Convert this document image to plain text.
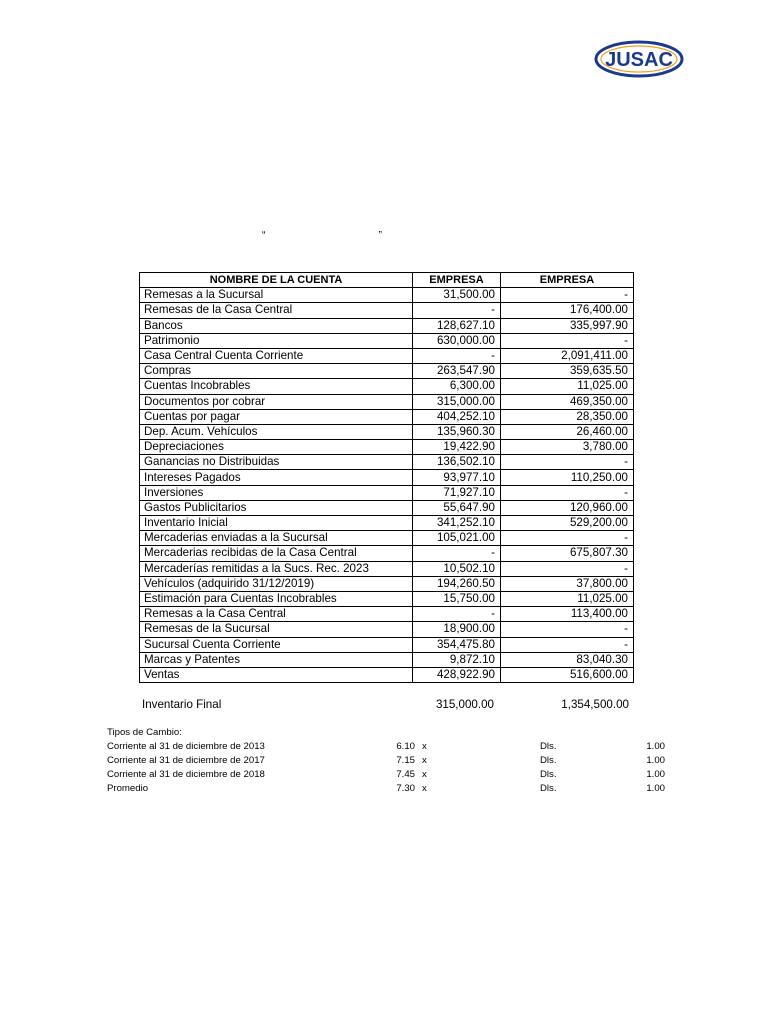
JUSAC
“	”
NOMBRE DE LA CUENTA	EMPRESA	EMPRESA
Remesas a la Sucursal	31,500.00	-
Remesas de la Casa Central	-	176,400.00
Bancos	128,627.10	335,997.90
Patrimonio	630,000.00	-
Casa Central Cuenta Corriente	-	2,091,411.00
Compras	263,547.90	359,635.50
Cuentas Incobrables	6,300.00	11,025.00
Documentos por cobrar	315,000.00	469,350.00
Cuentas por pagar	404,252.10	28,350.00
Dep. Acum. Vehículos	135,960.30	26,460.00
Depreciaciones	19,422.90	3,780.00
Ganancias no Distribuidas	136,502.10	-
Intereses Pagados	93,977.10	110,250.00
Inversiones	71,927.10	-
Gastos Publicitarios	55,647.90	120,960.00
Inventario Inicial	341,252.10	529,200.00
Mercaderias enviadas a la Sucursal	105,021.00	-
Mercaderias recibidas de la Casa Central	-	675,807.30
Mercaderías remitidas a la Sucs. Rec. 2023	10,502.10	-
Vehículos (adquirido 31/12/2019)	194,260.50	37,800.00
Estimación para Cuentas Incobrables	15,750.00	11,025.00
Remesas a la Casa Central	-	113,400.00
Remesas de la Sucursal	18,900.00	-
Sucursal Cuenta Corriente	354,475.80	-
Marcas y Patentes	9,872.10	83,040.30
Ventas	428,922.90	516,600.00
Inventario Final	315,000.00	1,354,500.00
Tipos de Cambio:
Corriente al 31 de diciembre de 2013	6.10 x	Dls.	1.00
Corriente al 31 de diciembre de 2017	7.15 x	Dls.	1.00
Corriente al 31 de diciembre de 2018	7.45 x	Dls.	1.00
Promedio	7.30 x	Dls.	1.00
